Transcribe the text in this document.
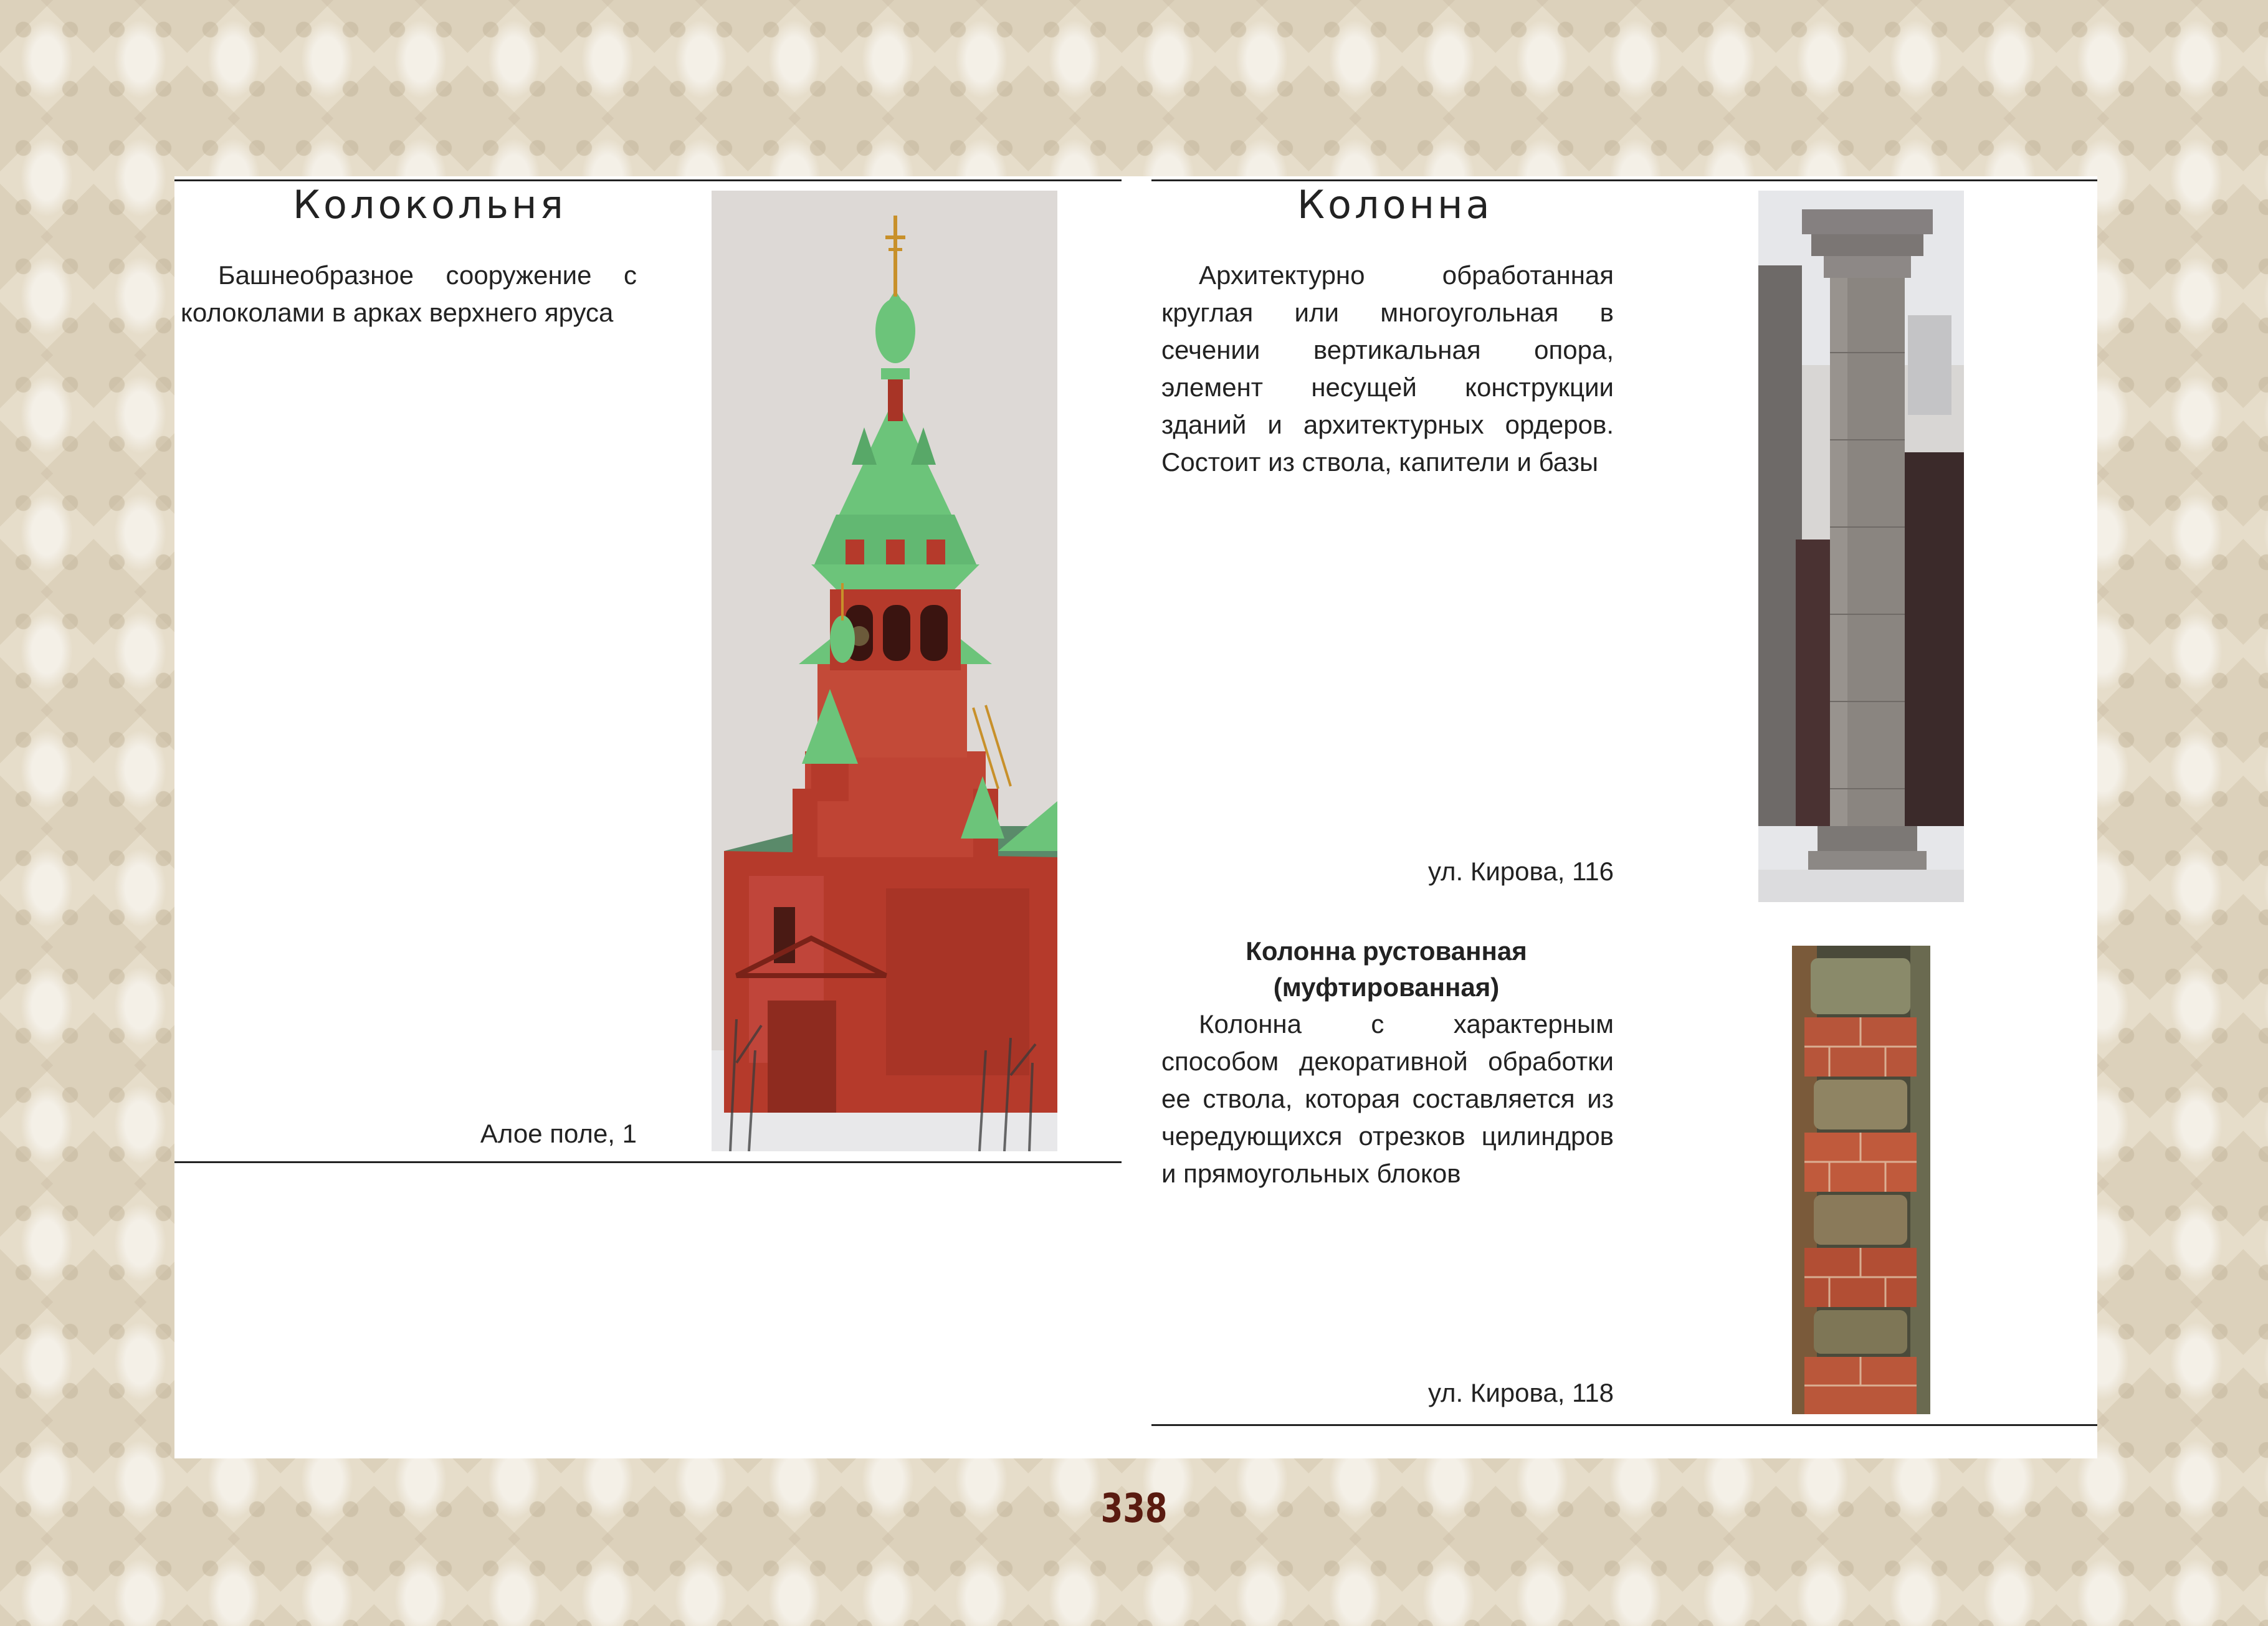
Колокольня

Башнеобразное сооружение с колоколами в арках верхнего яруса

Алое поле, 1

Колонна

Архитектурно обработанная круглая или многоугольная в сечении вертикальная опора, элемент несущей конструкции зданий и архитектурных ордеров. Состоит из ствола, капители и базы

ул. Кирова, 116

Колонна рустованная

(муфтированная)

Колонна с характерным способом декоративной обработки ее ствола, которая составляется из чередующихся отрезков цилиндров и прямоугольных блоков

ул. Кирова, 118

338
